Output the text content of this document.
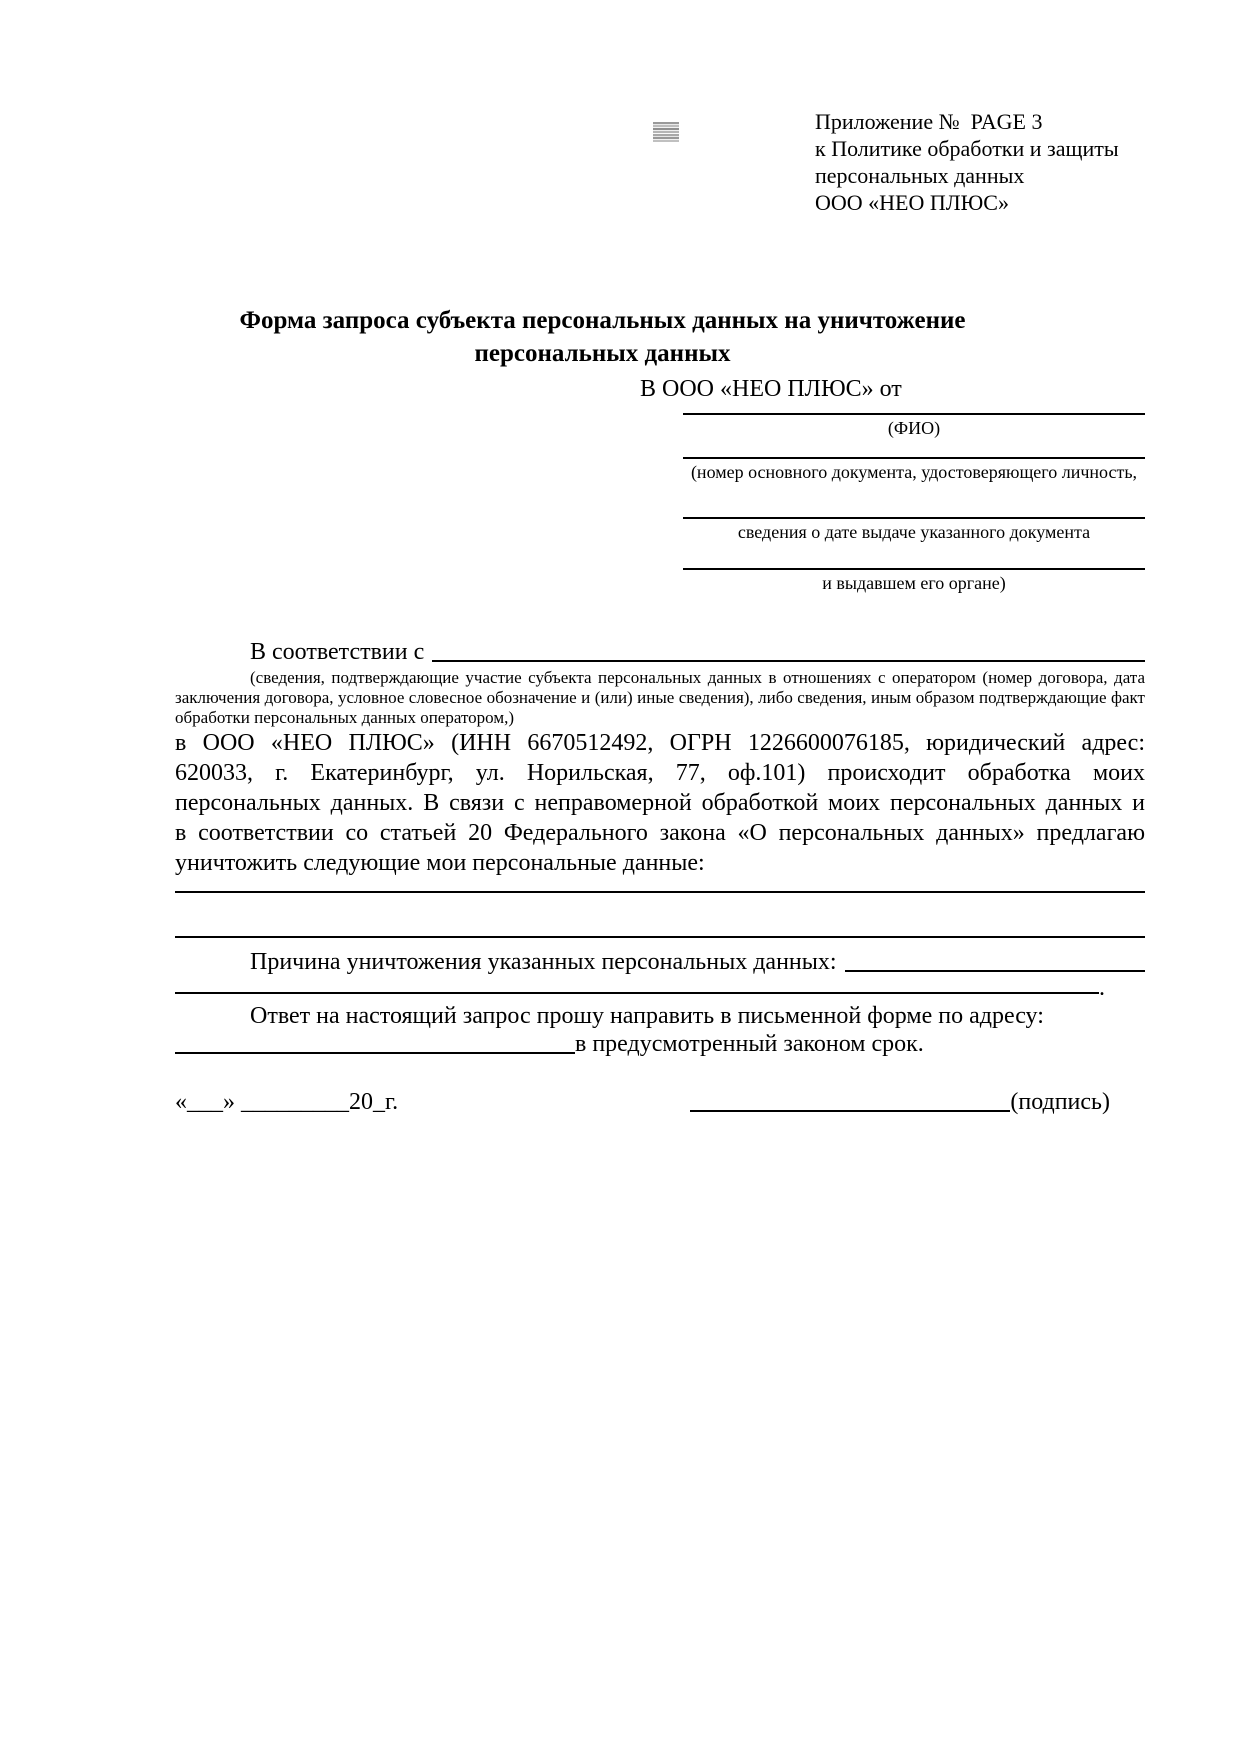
Приложение №  PAGE 3
к Политике обработки и защиты
персональных данных
ООО «НЕО ПЛЮС»
Форма запроса субъекта персональных данных на уничтожение
персональных данных
В ООО «НЕО ПЛЮС» от
(ФИО)
(номер основного документа, удостоверяющего личность,
сведения о дате выдаче указанного документа
и выдавшем его органе)
В соответствии с
(сведения, подтверждающие участие субъекта персональных данных в отношениях с оператором (номер договора, дата
заключения договора, условное словесное обозначение и (или) иные сведения), либо сведения, иным образом подтверждающие факт
обработки персональных данных оператором,)
в ООО «НЕО ПЛЮС» (ИНН 6670512492, ОГРН 1226600076185, юридический адрес:
620033, г. Екатеринбург, ул. Норильская, 77, оф.101) происходит обработка моих
персональных данных. В связи с неправомерной обработкой моих персональных данных и
в соответствии со статьей 20 Федерального закона «О персональных данных» предлагаю
уничтожить следующие мои персональные данные:
Причина уничтожения указанных персональных данных:
.
Ответ на настоящий запрос прошу направить в письменной форме по адресу:
в предусмотренный законом срок.
«___» _________20_г.	(подпись)
